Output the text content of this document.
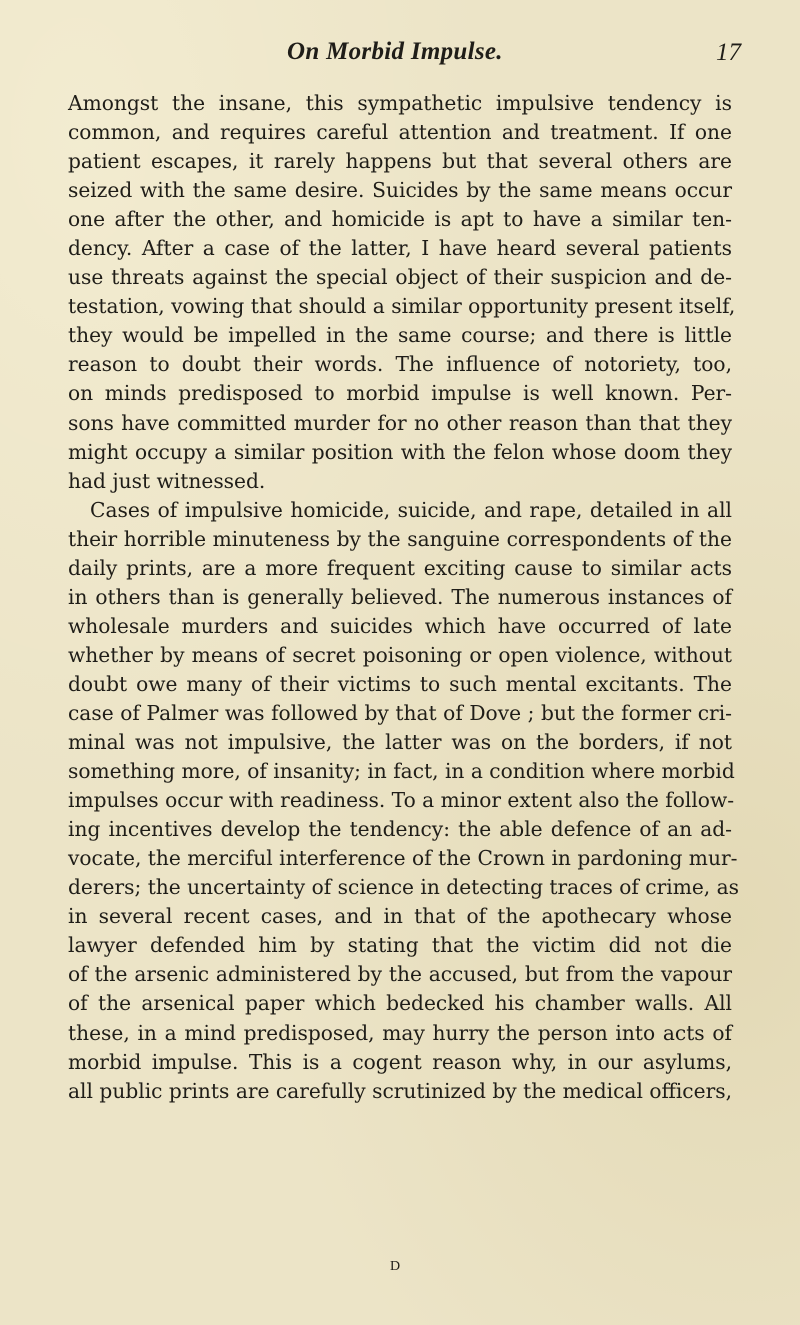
On Morbid Impulse.	17
Amongst the insane, this sympathetic impulsive tendency is
common, and requires careful attention and treatment. If one
patient escapes, it rarely happens but that several others are
seized with the same desire. Suicides by the same means occur
one after the other, and homicide is apt to have a similar ten-
dency. After a case of the latter, I have heard several patients
use threats against the special object of their suspicion and de-
testation, vowing that should a similar opportunity present itself,
they would be impelled in the same course; and there is little
reason to doubt their words. The influence of notoriety, too,
on minds predisposed to morbid impulse is well known. Per-
sons have committed murder for no other reason than that they
might occupy a similar position with the felon whose doom they
had just witnessed.
Cases of impulsive homicide, suicide, and rape, detailed in all
their horrible minuteness by the sanguine correspondents of the
daily prints, are a more frequent exciting cause to similar acts
in others than is generally believed. The numerous instances of
wholesale murders and suicides which have occurred of late
whether by means of secret poisoning or open violence, without
doubt owe many of their victims to such mental excitants. The
case of Palmer was followed by that of Dove ; but the former cri-
minal was not impulsive, the latter was on the borders, if not
something more, of insanity; in fact, in a condition where morbid
impulses occur with readiness. To a minor extent also the follow-
ing incentives develop the tendency: the able defence of an ad-
vocate, the merciful interference of the Crown in pardoning mur-
derers; the uncertainty of science in detecting traces of crime, as
in several recent cases, and in that of the apothecary whose
lawyer defended him by stating that the victim did not die
of the arsenic administered by the accused, but from the vapour
of the arsenical paper which bedecked his chamber walls. All
these, in a mind predisposed, may hurry the person into acts of
morbid impulse. This is a cogent reason why, in our asylums,
all public prints are carefully scrutinized by the medical officers,
D
